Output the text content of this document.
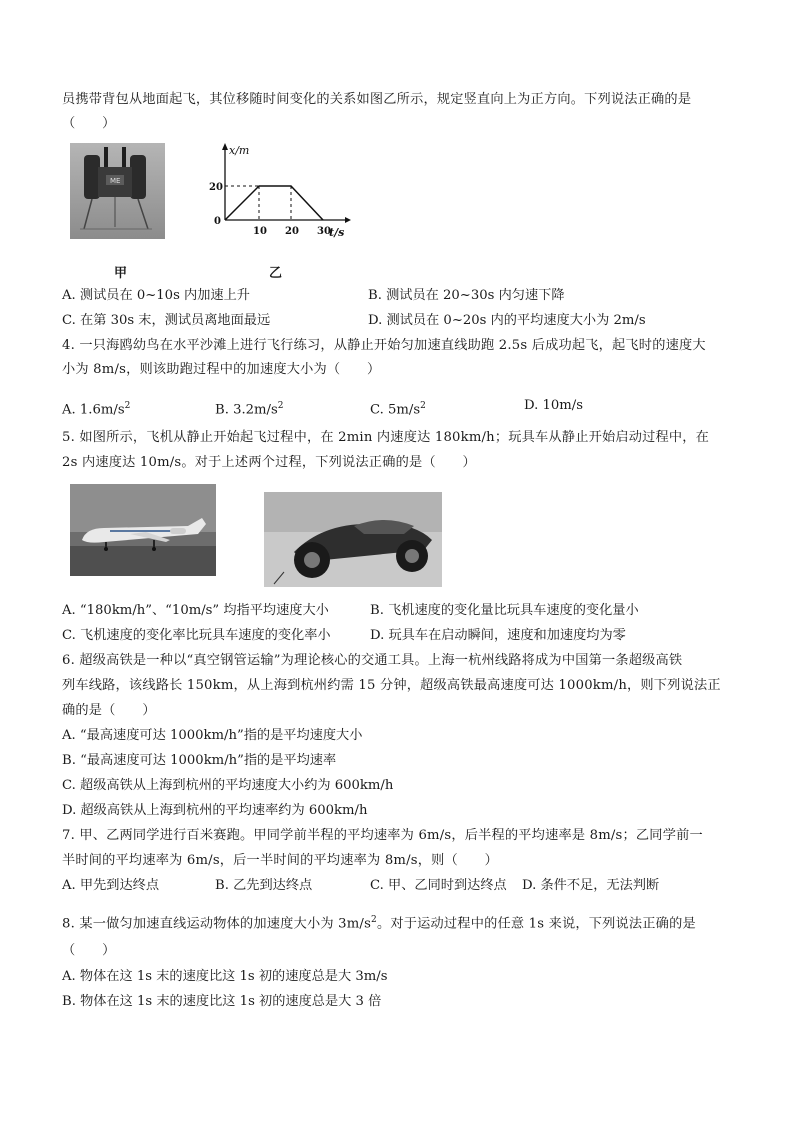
员携带背包从地面起飞，其位移随时间变化的关系如图乙所示，规定竖直向上为正方向。下列说法正确的是
（　　）
ME
甲
x/m
t/s
0
20
10 20 30
乙
A. 测试员在 0~10s 内加速上升	B. 测试员在 20~30s 内匀速下降
C. 在第 30s 末，测试员离地面最远	D. 测试员在 0~20s 内的平均速度大小为 2m/s
4. 一只海鸥幼鸟在水平沙滩上进行飞行练习，从静止开始匀加速直线助跑 2.5s 后成功起飞，起飞时的速度大
小为 8m/s，则该助跑过程中的加速度大小为（　　）
A. $1.6m/s^2$	B. $3.2m/s^2$	C. $5m/s^2$	D. 10m/s
5. 如图所示，飞机从静止开始起飞过程中，在 2min 内速度达 180km/h；玩具车从静止开始启动过程中，在
2s 内速度达 10m/s。对于上述两个过程，下列说法正确的是（　　）
A. “180km/h”、“10m/s” 均指平均速度大小	B. 飞机速度的变化量比玩具车速度的变化量小
C. 飞机速度的变化率比玩具车速度的变化率小	D. 玩具车在启动瞬间，速度和加速度均为零
6. 超级高铁是一种以“真空钢管运输”为理论核心的交通工具。上海一杭州线路将成为中国第一条超级高铁
列车线路，该线路长 150km，从上海到杭州约需 15 分钟，超级高铁最高速度可达 1000km/h，则下列说法正
确的是（　　）
A. “最高速度可达 1000km/h”指的是平均速度大小
B. “最高速度可达 1000km/h”指的是平均速率
C. 超级高铁从上海到杭州的平均速度大小约为 600km/h
D. 超级高铁从上海到杭州的平均速率约为 600km/h
7. 甲、乙两同学进行百米赛跑。甲同学前半程的平均速率为 6m/s，后半程的平均速率是 8m/s；乙同学前一
半时间的平均速率为 6m/s，后一半时间的平均速率为 8m/s，则（　　）
A. 甲先到达终点	B. 乙先到达终点	C. 甲、乙同时到达终点 D. 条件不足，无法判断
8. 某一做匀加速直线运动物体的加速度大小为 $3m/s^2$。对于运动过程中的任意 1s 来说，下列说法正确的是
（　　）
A. 物体在这 1s 末的速度比这 1s 初的速度总是大 3m/s
B. 物体在这 1s 末的速度比这 1s 初的速度总是大 3 倍
